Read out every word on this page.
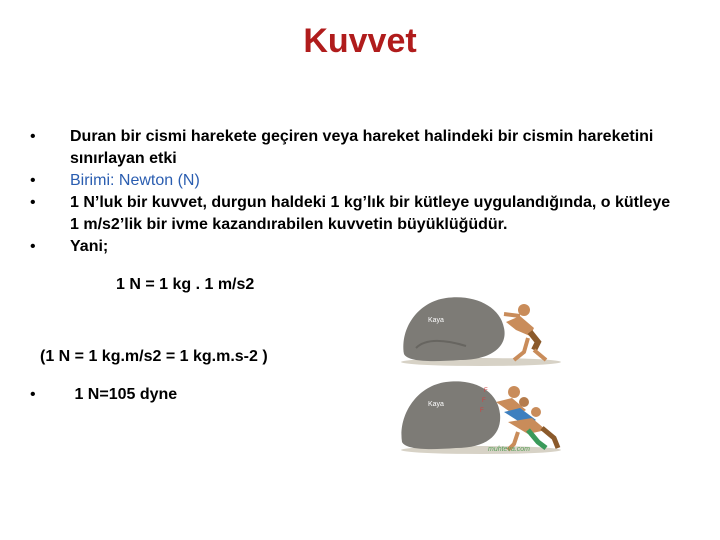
Kuvvet
•	Duran bir cismi harekete geçiren veya hareket halindeki bir cismin hareketini sınırlayan etki
•	Birimi: Newton (N)
•	1 N’luk bir kuvvet, durgun haldeki 1 kg’lık bir kütleye uygulandığında, o kütleye 1 m/s2’lik bir ivme kazandırabilen kuvvetin büyüklüğüdür.
•	Yani;
1 N = 1 kg . 1 m/s2
(1 N = 1 kg.m/s2 = 1 kg.m.s-2 )
• 1 N=105 dyne
Kaya
Kaya
F
F
F
muhteva.com
